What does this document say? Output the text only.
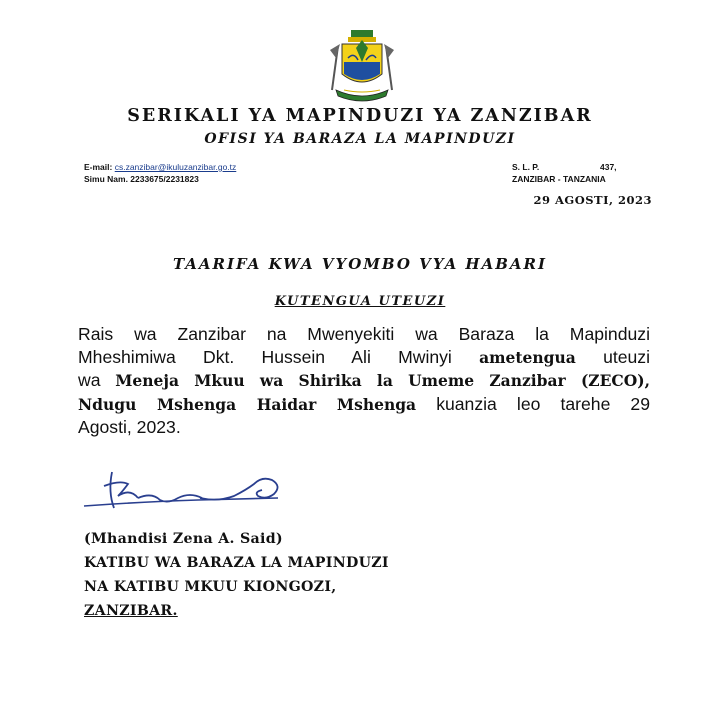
SERIKALI YA MAPINDUZI YA ZANZIBAR
OFISI YA BARAZA LA MAPINDUZI
E-mail: cs.zanzibar@ikuluzanzibar.go.tz
Simu Nam. 2233675/2231823
S. L. P.	437,
ZANZIBAR - TANZANIA
29 AGOSTI, 2023
TAARIFA KWA VYOMBO VYA HABARI
KUTENGUA UTEUZI
Rais wa Zanzibar na Mwenyekiti wa Baraza la Mapinduzi
Mheshimiwa Dkt. Hussein Ali Mwinyi ametengua uteuzi
wa Meneja Mkuu wa Shirika la Umeme Zanzibar (ZECO),
Ndugu Mshenga Haidar Mshenga kuanzia leo tarehe 29
Agosti, 2023.
(Mhandisi Zena A. Said)
KATIBU WA BARAZA LA MAPINDUZI
NA KATIBU MKUU KIONGOZI,
ZANZIBAR.
